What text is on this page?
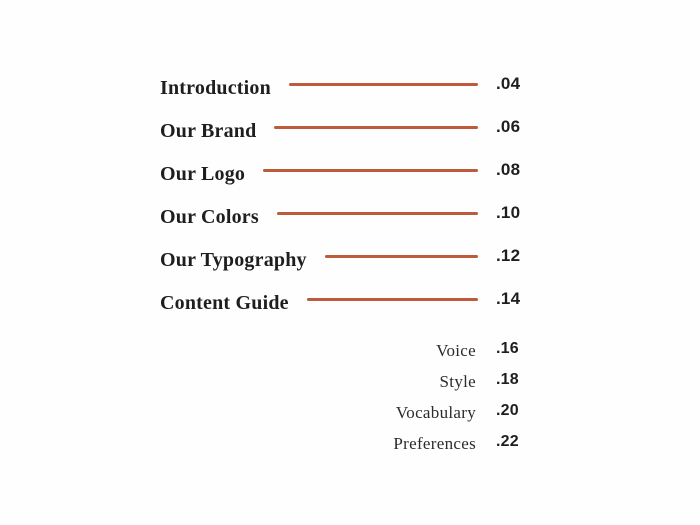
Introduction	.04
Our Brand	.06
Our Logo	.08
Our Colors	.10
Our Typography	.12
Content Guide	.14
Voice .16
Style .18
Vocabulary .20
Preferences .22
